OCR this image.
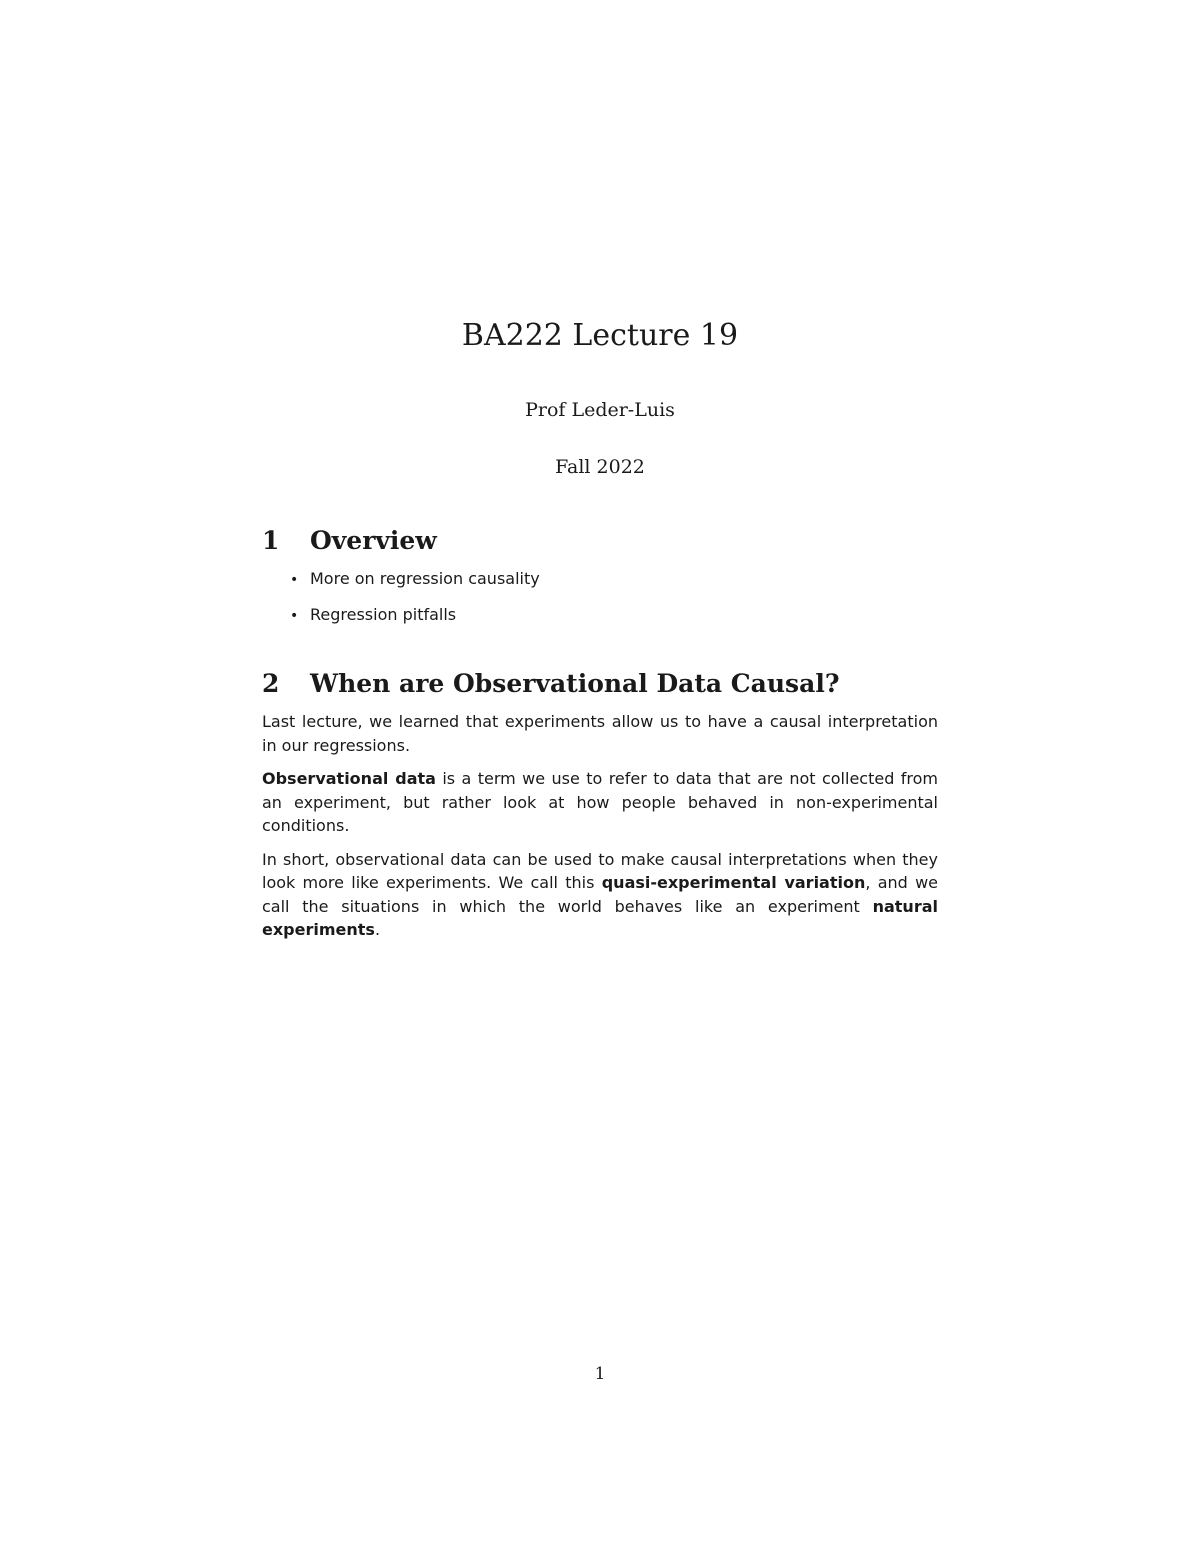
BA222 Lecture 19
Prof Leder-Luis
Fall 2022
1	Overview
• More on regression causality
• Regression pitfalls
2	When are Observational Data Causal?

Last lecture, we learned that experiments allow us to have a causal interpretation in our regressions.

Observational data is a term we use to refer to data that are not collected from an experiment, but rather look at how people behaved in non-experimental conditions.

In short, observational data can be used to make causal interpretations when they look more like experiments. We call this quasi-experimental variation, and we call the situations in which the world behaves like an experiment natural experiments.

1
